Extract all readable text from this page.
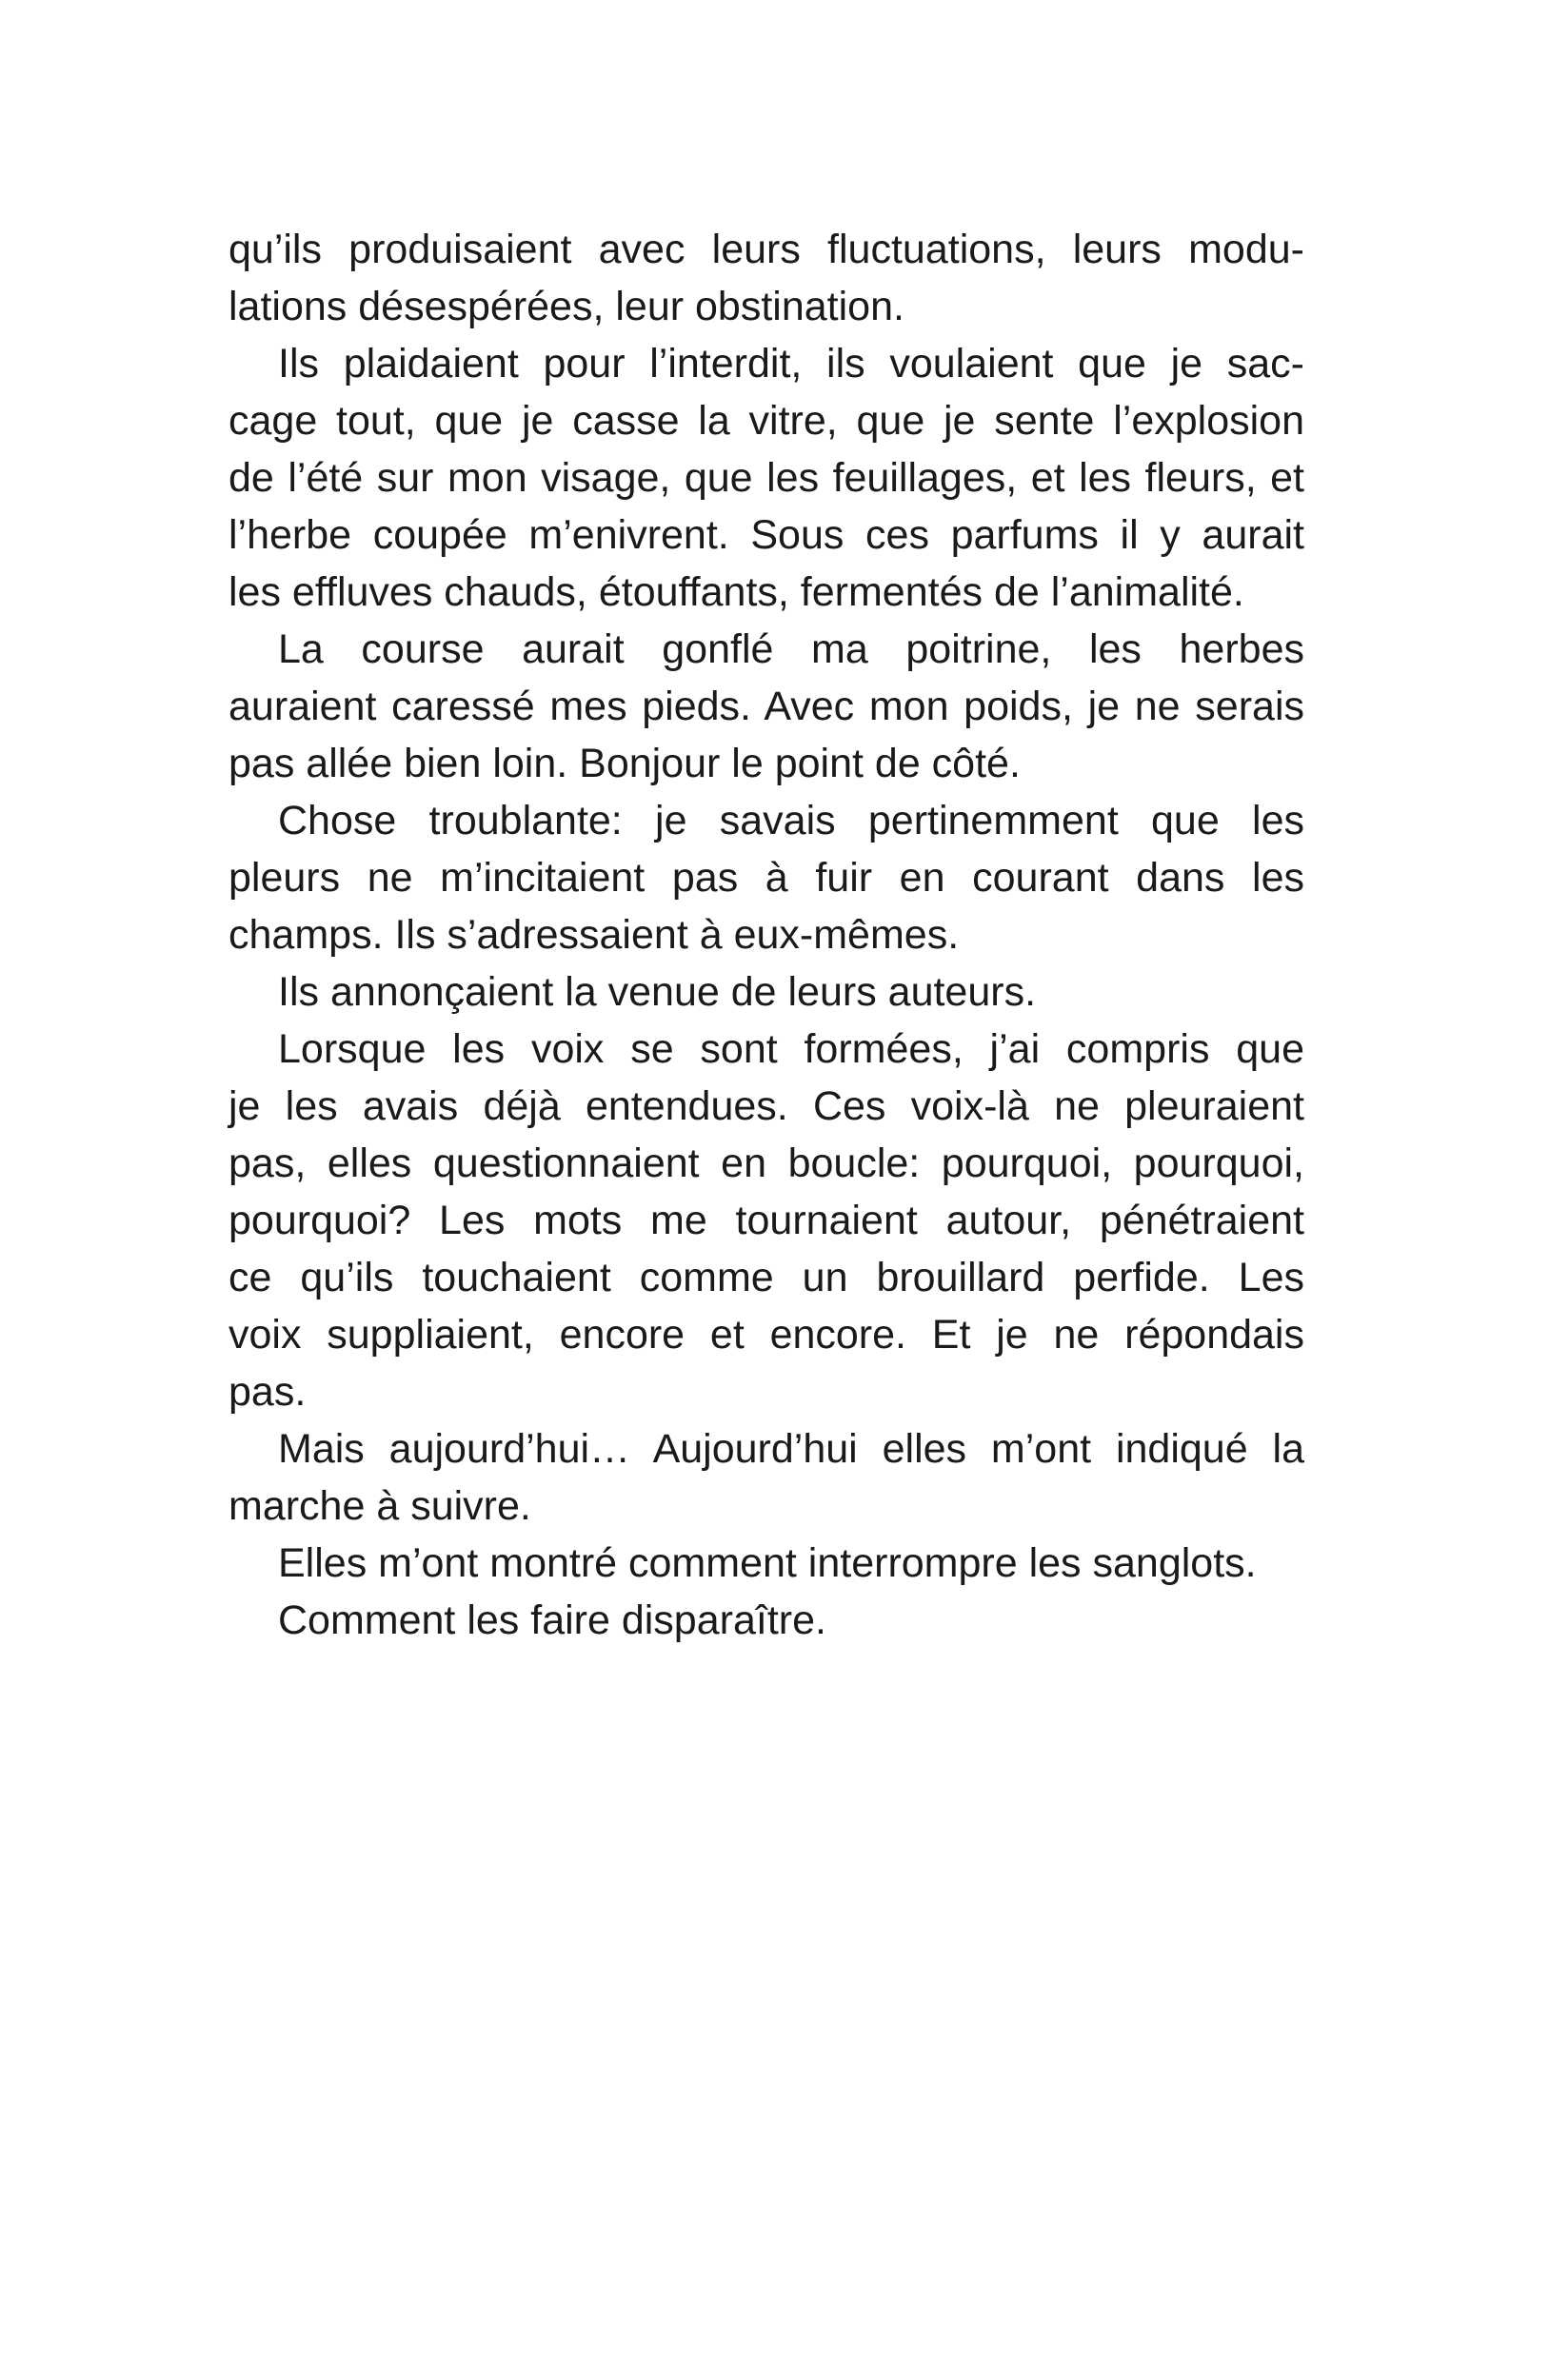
qu’ils produisaient avec leurs fluctuations, leurs modu-
lations désespérées, leur obstination.
Ils plaidaient pour l’interdit, ils voulaient que je sac-
cage tout, que je casse la vitre, que je sente l’explosion
de l’été sur mon visage, que les feuillages, et les fleurs, et
l’herbe coupée m’enivrent. Sous ces parfums il y aurait
les effluves chauds, étouffants, fermentés de l’animalité.
La course aurait gonflé ma poitrine, les herbes
auraient caressé mes pieds. Avec mon poids, je ne serais
pas allée bien loin. Bonjour le point de côté.
Chose troublante: je savais pertinemment que les
pleurs ne m’incitaient pas à fuir en courant dans les
champs. Ils s’adressaient à eux-mêmes.
Ils annonçaient la venue de leurs auteurs.
Lorsque les voix se sont formées, j’ai compris que
je les avais déjà entendues. Ces voix-là ne pleuraient
pas, elles questionnaient en boucle: pourquoi, pourquoi,
pourquoi? Les mots me tournaient autour, pénétraient
ce qu’ils touchaient comme un brouillard perfide. Les
voix suppliaient, encore et encore. Et je ne répondais
pas.
Mais aujourd’hui… Aujourd’hui elles m’ont indiqué la
marche à suivre.
Elles m’ont montré comment interrompre les sanglots.
Comment les faire disparaître.
